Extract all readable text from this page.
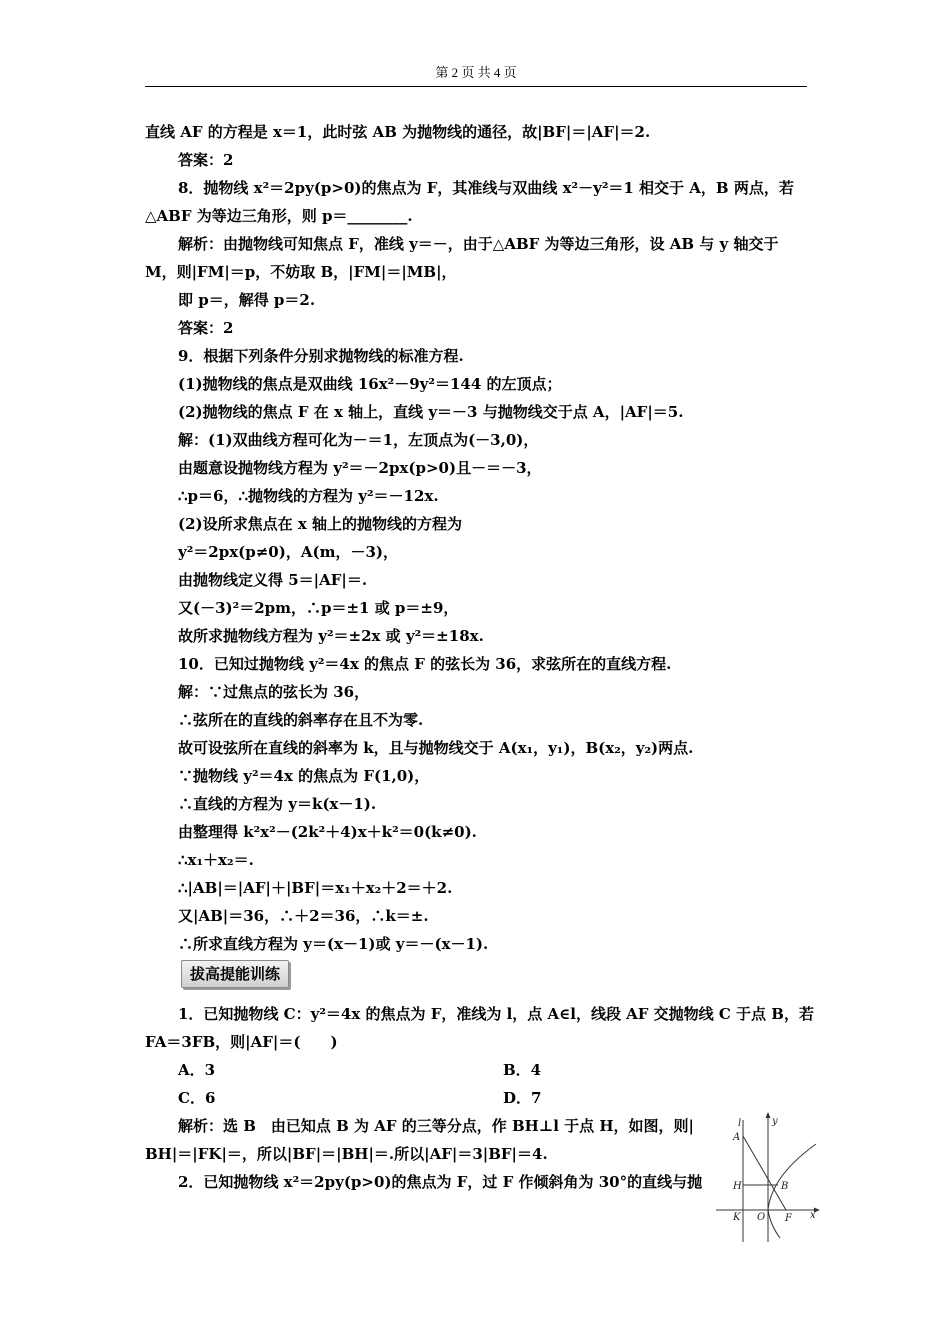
第 2 页 共 4 页
直线 AF 的方程是 x＝1，此时弦 AB 为抛物线的通径，故|BF|＝|AF|＝2.
答案：2
8．抛物线 x²＝2py(p>0)的焦点为 F，其准线与双曲线 x²－y²＝1 相交于 A，B 两点，若
△ABF 为等边三角形，则 p＝________.
解析：由抛物线可知焦点 F，准线 y＝－，由于△ABF 为等边三角形，设 AB 与 y 轴交于
M，则|FM|＝p，不妨取 B，|FM|＝|MB|，
即 p＝，解得 p＝2.
答案：2
9．根据下列条件分别求抛物线的标准方程.
(1)抛物线的焦点是双曲线 16x²－9y²＝144 的左顶点；
(2)抛物线的焦点 F 在 x 轴上，直线 y＝－3 与抛物线交于点 A，|AF|＝5.
解：(1)双曲线方程可化为－＝1，左顶点为(－3,0)，
由题意设抛物线方程为 y²＝－2px(p>0)且－＝－3，
∴p＝6，∴抛物线的方程为 y²＝－12x.
(2)设所求焦点在 x 轴上的抛物线的方程为
y²＝2px(p≠0)，A(m，－3)，
由抛物线定义得 5＝|AF|＝.
又(－3)²＝2pm，∴p＝±1 或 p＝±9，
故所求抛物线方程为 y²＝±2x 或 y²＝±18x.
10．已知过抛物线 y²＝4x 的焦点 F 的弦长为 36，求弦所在的直线方程.
解：∵过焦点的弦长为 36，
∴弦所在的直线的斜率存在且不为零.
故可设弦所在直线的斜率为 k，且与抛物线交于 A(x₁，y₁)，B(x₂，y₂)两点.
∵抛物线 y²＝4x 的焦点为 F(1,0)，
∴直线的方程为 y＝k(x－1).
由整理得 k²x²－(2k²＋4)x＋k²＝0(k≠0).
∴x₁＋x₂＝.
∴|AB|＝|AF|＋|BF|＝x₁＋x₂＋2＝＋2.
又|AB|＝36，∴＋2＝36，∴k＝±.
∴所求直线方程为 y＝(x－1)或 y＝－(x－1).
拔高提能训练
1．已知抛物线 C：y²＝4x 的焦点为 F，准线为 l，点 A∈l，线段 AF 交抛物线 C 于点 B，若
FA＝3FB，则|AF|＝(　　)
A．3	B．4
C．6	D．7
解析：选 B　由已知点 B 为 AF 的三等分点，作 BH⊥l 于点 H，如图，则|
BH|＝|FK|＝，所以|BF|＝|BH|＝.所以|AF|＝3|BF|＝4.
2．已知抛物线 x²＝2py(p>0)的焦点为 F，过 F 作倾斜角为 30°的直线与抛
l	y
A
H	B
K O F x
